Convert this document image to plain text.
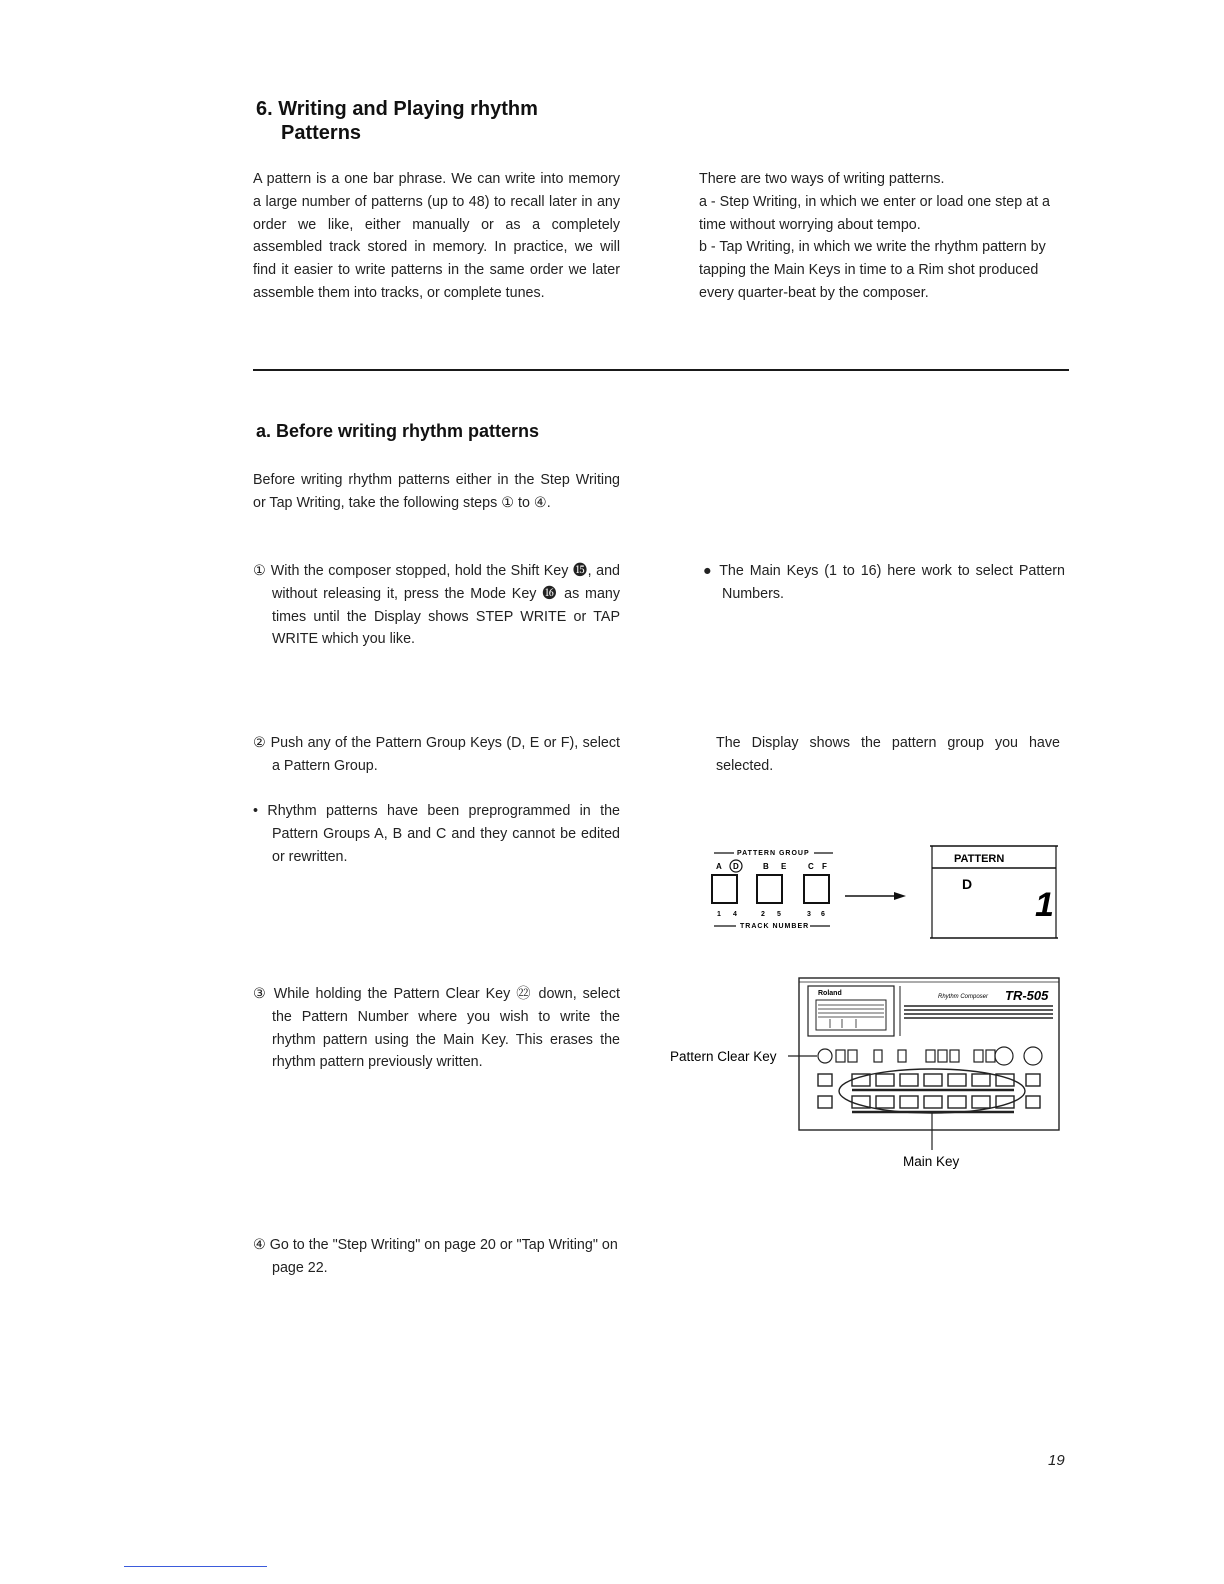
6. Writing and Playing rhythm
Patterns

A pattern is a one bar phrase. We can write into memory a large number of patterns (up to 48) to recall later in any order we like, either manually or as a completely assembled track stored in memory. In practice, we will find it easier to write patterns in the same order we later assemble them into tracks, or complete tunes.

There are two ways of writing patterns.
a - Step Writing, in which we enter or load one step at a time without worrying about tempo.
b - Tap Writing, in which we write the rhythm pattern by tapping the Main Keys in time to a Rim shot produced every quarter-beat by the composer.

a. Before writing rhythm patterns

Before writing rhythm patterns either in the Step Writing or Tap Writing, take the following steps ① to ④.

① With the composer stopped, hold the Shift Key ⓯, and without releasing it, press the Mode Key ⓰ as many times until the Display shows STEP WRITE or TAP WRITE which you like.

● The Main Keys (1 to 16) here work to select Pattern Numbers.

② Push any of the Pattern Group Keys (D, E or F), select a Pattern Group.

The Display shows the pattern group you have selected.

• Rhythm patterns have been preprogrammed in the Pattern Groups A, B and C and they cannot be edited or rewritten.	PATTERN GROUP
A D	B E	C F
1 4	2 5	3 6
TRACK NUMBER
PATTERN
D
1

③ While holding the Pattern Clear Key ㉒ down, select the Pattern Number where you wish to write the rhythm pattern using the Main Key. This erases the rhythm pattern previously written.

Roland	Rhythm Composer TR-505
Pattern Clear Key
Main Key

④ Go to the "Step Writing" on page 20 or "Tap Writing" on page 22.

19
